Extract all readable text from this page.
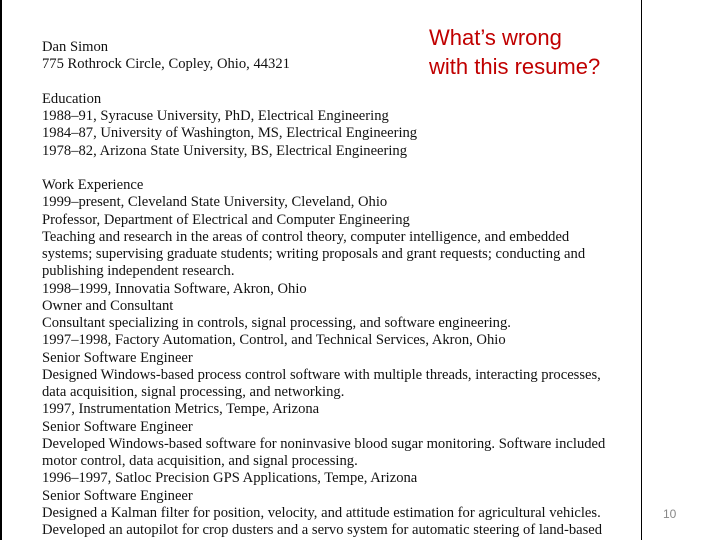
Dan Simon
775 Rothrock Circle, Copley, Ohio, 44321
Education
1988–91, Syracuse University, PhD, Electrical Engineering
1984–87, University of Washington, MS, Electrical Engineering
1978–82, Arizona State University, BS, Electrical Engineering
Work Experience
1999–present, Cleveland State University, Cleveland, Ohio
Professor, Department of Electrical and Computer Engineering
Teaching and research in the areas of control theory, computer intelligence, and embedded
systems; supervising graduate students; writing proposals and grant requests; conducting and
publishing independent research.
1998–1999, Innovatia Software, Akron, Ohio
Owner and Consultant
Consultant specializing in controls, signal processing, and software engineering.
1997–1998, Factory Automation, Control, and Technical Services, Akron, Ohio
Senior Software Engineer
Designed Windows-based process control software with multiple threads, interacting processes,
data acquisition, signal processing, and networking.
1997, Instrumentation Metrics, Tempe, Arizona
Senior Software Engineer
Developed Windows-based software for noninvasive blood sugar monitoring. Software included
motor control, data acquisition, and signal processing.
1996–1997, Satloc Precision GPS Applications, Tempe, Arizona
Senior Software Engineer
Designed a Kalman filter for position, velocity, and attitude estimation for agricultural vehicles.
Developed an autopilot for crop dusters and a servo system for automatic steering of land-based
What’s wrong
with this resume?
10
